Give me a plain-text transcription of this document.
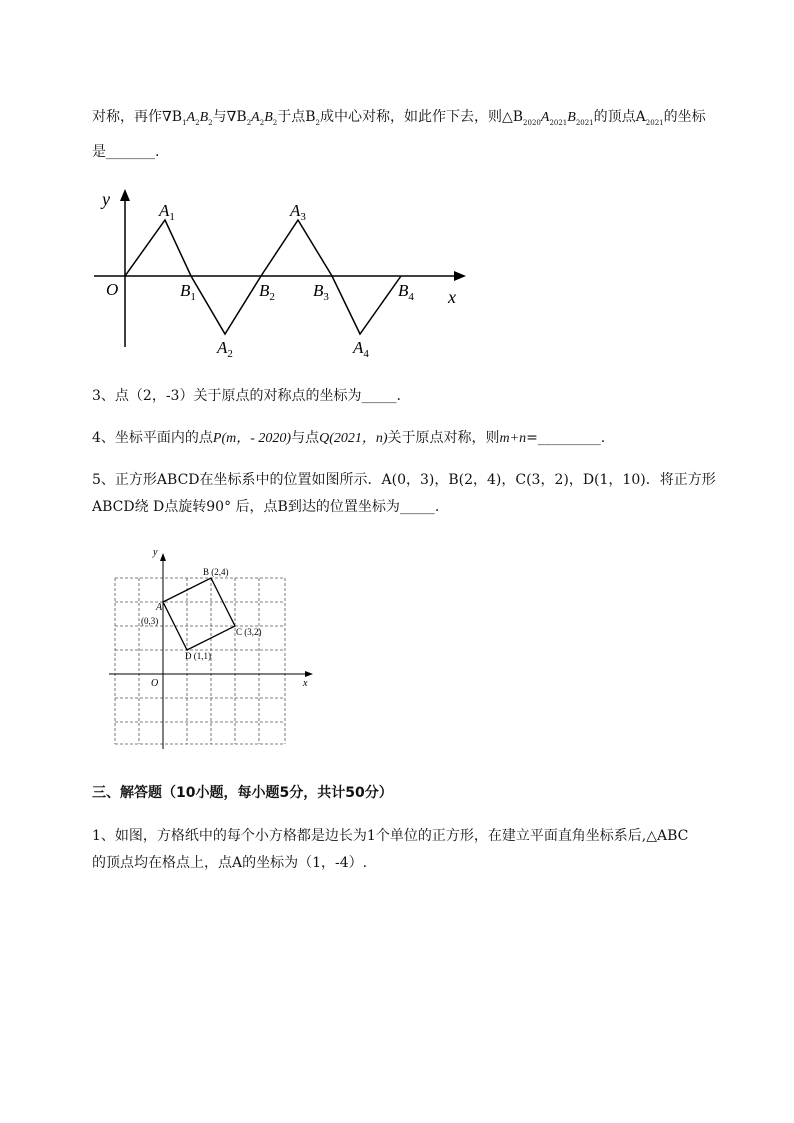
对称，再作$\nabla B_1A_2B_2$与$\nabla B_2A_2B_2$于点$B_2$成中心对称，如此作下去，则$\triangle B_{2020}A_{2021}B_{2021}$的顶点$A_{2021}$的坐标
是_______.
y
x
O
$A_1$
$A_2$
$A_3$
$A_4$
$B_1$	$B_2$ $B_3$	$B_4$
3、点（2，-3）关于原点的对称点的坐标为_____.
4、坐标平面内的点P(m，- 2020)与点Q(2021，n)关于原点对称，则m+n=_________.
5、正方形ABCD在坐标系中的位置如图所示．A(0，3)，B(2，4)，C(3，2)，D(1，10)．将正方形
ABCD绕 D点旋转90° 后，点B到达的位置坐标为_____.
y
x
O
A
(0,3)
B (2,4)
C (3,2)
D (1,1)
三、解答题（10小题，每小题5分，共计50分）
1、如图，方格纸中的每个小方格都是边长为1个单位的正方形，在建立平面直角坐标系后,△ABC
的顶点均在格点上，点A的坐标为（1，-4）.
